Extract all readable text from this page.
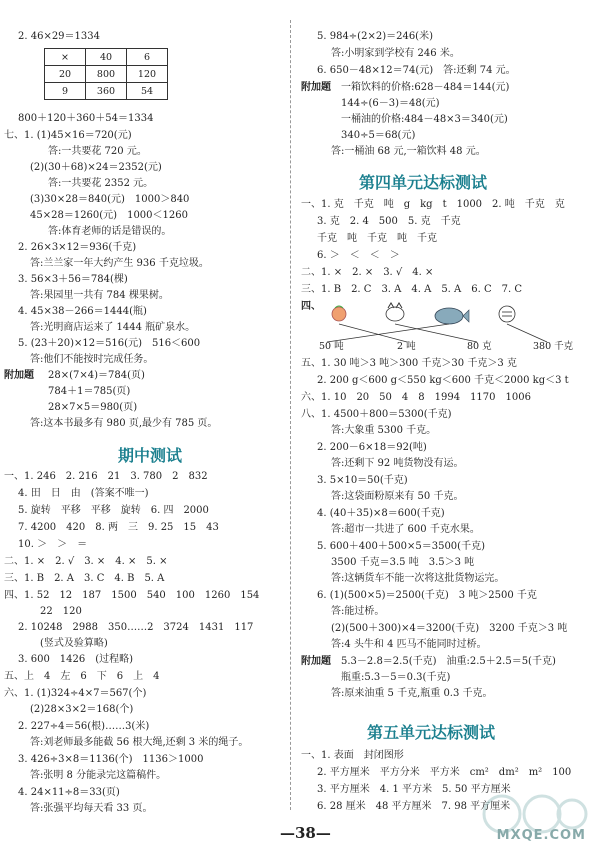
×	40	6
20	800	120
9	360	54
期中测试
2. 46×29＝1334
800＋120＋360＋54＝1334
七、1. (1)45×16＝720(元)
答:一共要花 720 元。
(2)(30＋68)×24＝2352(元)
答:一共要花 2352 元。
(3)30×28＝840(元)　1000＞840
45×28＝1260(元)　1000＜1260
答:体育老师的话是错误的。
2. 26×3×12＝936(千克)
答:兰兰家一年大约产生 936 千克垃圾。
3. 56×3＋56＝784(棵)
答:果园里一共有 784 棵果树。
4. 45×38－266＝1444(瓶)
答:光明商店运来了 1444 瓶矿泉水。
5. (23＋20)×12＝516(元)　516＜600
答:他们不能按时完成任务。
附加题 28×(7×4)＝784(页)
784＋1＝785(页)
28×7×5＝980(页)
答:这本书最多有 980 页,最少有 785 页。
一、1. 246　2. 216　21　3. 780　2　832
4. 田　日　由　(答案不唯一)
5. 旋转　平移　平移　旋转　6. 四　2000
7. 4200　420　8. 两　三　9. 25　15　43
10. ＞　＞　＝
二、1. ×　2. √　3. ×　4. ×　5. ×
三、1. B　2. A　3. C　4. B　5. A
四、1. 52　12　187　1500　540　100　1260　154
22　120
2. 10248　2988　350……2　3724　1431　117
(竖式及验算略)
3. 600　1426　(过程略)
五、上　4　左　6　下　6　上　4
六、1. (1)324÷4×7＝567(个)
(2)28×3×2＝168(个)
2. 227÷4＝56(根)……3(米)
答:刘老师最多能截 56 根大绳,还剩 3 米的绳子。
3. 426÷3×8＝1136(个)　1136＞1000
答:张明 8 分能录完这篇稿件。
4. 24×11÷8＝33(页)
答:张强平均每天看 33 页。
第四单元达标测试
第五单元达标测试
5. 984÷(2×2)＝246(米)
答:小明家到学校有 246 米。
6. 650－48×12＝74(元)　答:还剩 74 元。
附加题 一箱饮料的价格:628－484＝144(元)
144÷(6－3)＝48(元)
一桶油的价格:484－48×3＝340(元)
340÷5＝68(元)
答:一桶油 68 元,一箱饮料 48 元。
一、1. 克　千克　吨　g　kg　t　1000　2. 吨　千克　克
3. 克　2. 4　500　5. 克　千克
千克　吨　千克　吨　千克
6. ＞　＜　＜　＞
二、1. ×　2. ×　3. √　4. ×
三、1. B　2. C　3. A　4. A　5. A　6. C　7. C
四、
五、1. 30 吨＞3 吨＞300 千克＞30 千克＞3 克
2. 200 g＜600 g＜550 kg＜600 千克＜2000 kg＜3 t
六、1. 10　20　50　4　8　1994　1170　1006
八、1. 4500＋800＝5300(千克)
答:大象重 5300 千克。
2. 200－6×18＝92(吨)
答:还剩下 92 吨货物没有运。
3. 5×10＝50(千克)
答:这袋面粉原来有 50 千克。
4. (40＋35)×8＝600(千克)
答:超市一共进了 600 千克水果。
5. 600＋400＋500×5＝3500(千克)
3500 千克＝3.5 吨　3.5＞3 吨
答:这辆货车不能一次将这批货物运完。
6. (1)(500×5)＝2500(千克)　3 吨＞2500 千克
答:能过桥。
(2)(500＋300)×4＝3200(千克)　3200 千克＞3 吨
答:4 头牛和 4 匹马不能同时过桥。
附加题 5.3－2.8＝2.5(千克)　油重:2.5＋2.5＝5(千克)
瓶重:5.3－5＝0.3(千克)
答:原来油重 5 千克,瓶重 0.3 千克。
一、1. 表面　封闭图形
2. 平方厘米　平方分米　平方米　cm²　dm²　m²　100
3. 平方厘米　4. 1 平方米　5. 50 平方厘米
6. 28 厘米　48 平方厘米　7. 98 平方厘米
50 吨	2 吨	80 克	380 千克
—38—	MXQE.COM
